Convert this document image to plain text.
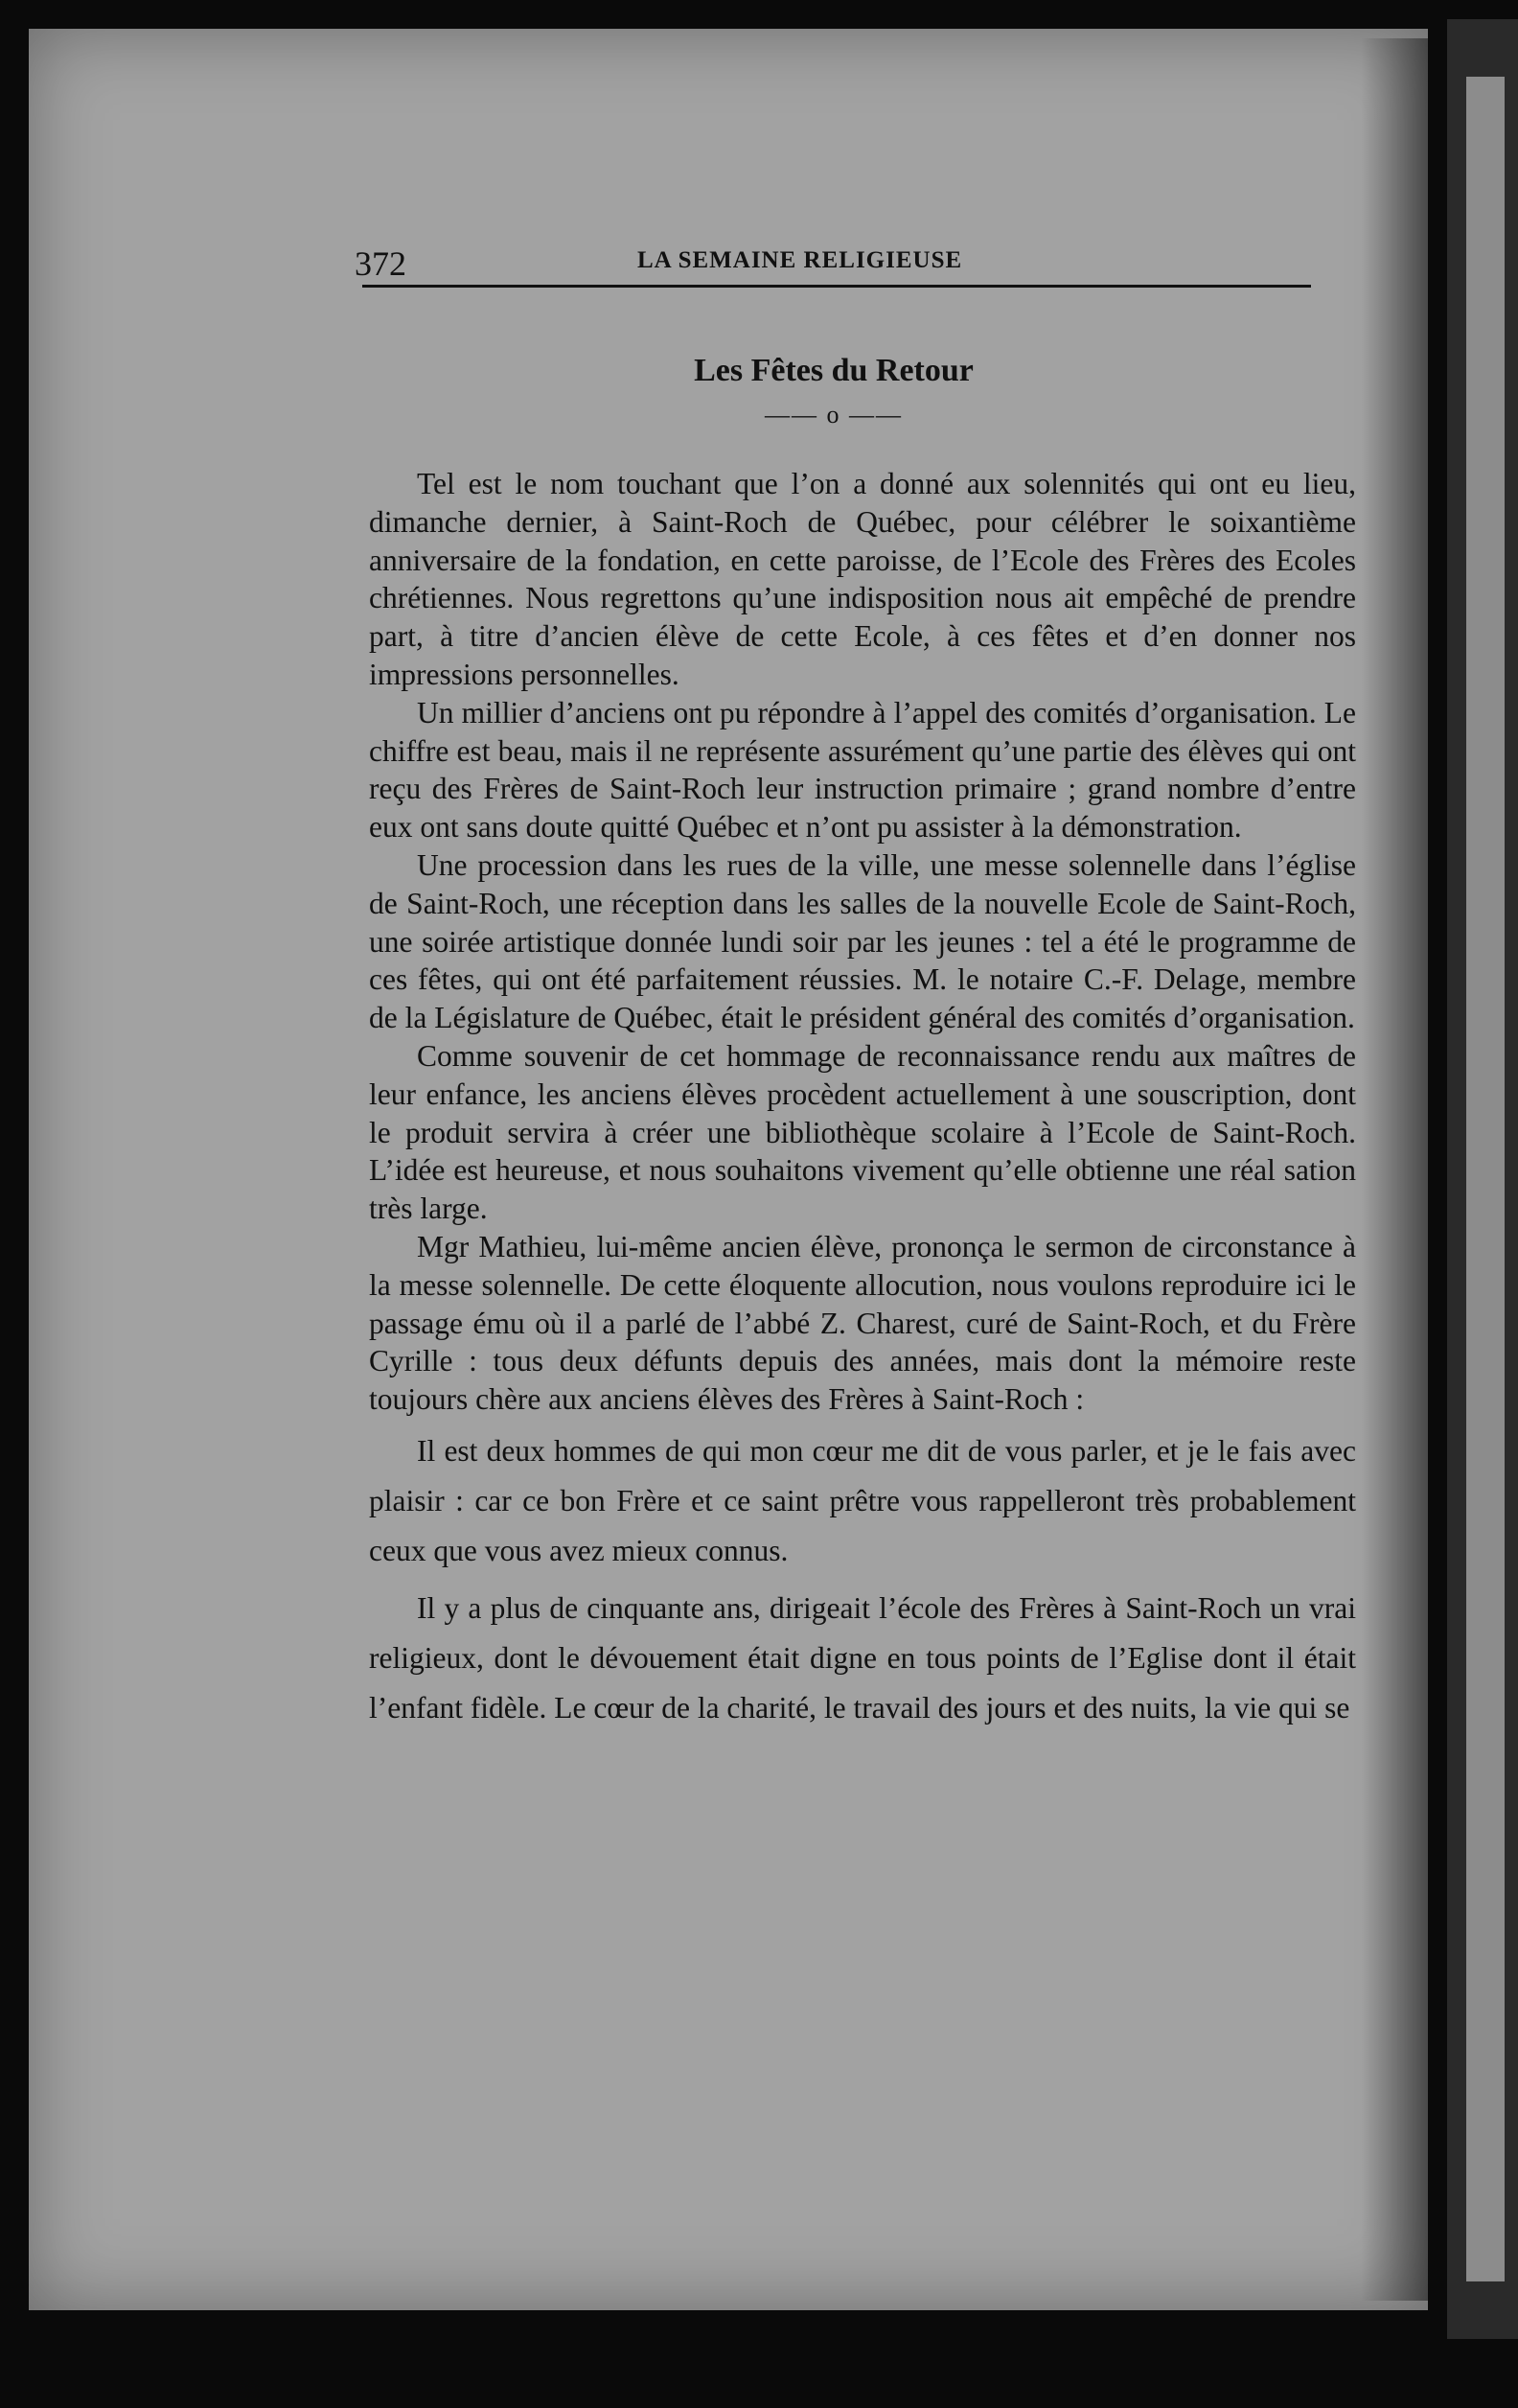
372	LA SEMAINE RELIGIEUSE
Les Fêtes du Retour
—— o ——

Tel est le nom touchant que l’on a donné aux solennités qui ont eu lieu, dimanche dernier, à Saint-Roch de Québec, pour célébrer le soixantième anniversaire de la fondation, en cette paroisse, de l’Ecole des Frères des Ecoles chrétiennes. Nous regrettons qu’une indisposition nous ait empêché de prendre part, à titre d’ancien élève de cette Ecole, à ces fêtes et d’en donner nos impressions personnelles.

Un millier d’anciens ont pu répondre à l’appel des comités d’organisation. Le chiffre est beau, mais il ne représente assurément qu’une partie des élèves qui ont reçu des Frères de Saint-Roch leur instruction primaire ; grand nombre d’entre eux ont sans doute quitté Québec et n’ont pu assister à la démonstration.

Une procession dans les rues de la ville, une messe solennelle dans l’église de Saint-Roch, une réception dans les salles de la nouvelle Ecole de Saint-Roch, une soirée artistique donnée lundi soir par les jeunes : tel a été le programme de ces fêtes, qui ont été parfaitement réussies. M. le notaire C.-F. Delage, membre de la Législature de Québec, était le président général des comités d’organisation.

Comme souvenir de cet hommage de reconnaissance rendu aux maîtres de leur enfance, les anciens élèves procèdent actuellement à une souscription, dont le produit servira à créer une bibliothèque scolaire à l’Ecole de Saint-Roch. L’idée est heureuse, et nous souhaitons vivement qu’elle obtienne une réal sation très large.

Mgr Mathieu, lui-même ancien élève, prononça le sermon de circonstance à la messe solennelle. De cette éloquente allocution, nous voulons reproduire ici le passage ému où il a parlé de l’abbé Z. Charest, curé de Saint-Roch, et du Frère Cyrille : tous deux défunts depuis des années, mais dont la mémoire reste toujours chère aux anciens élèves des Frères à Saint-Roch :

Il est deux hommes de qui mon cœur me dit de vous parler, et je le fais avec plaisir : car ce bon Frère et ce saint prêtre vous rappelleront très probablement ceux que vous avez mieux connus.

Il y a plus de cinquante ans, dirigeait l’école des Frères à Saint-Roch un vrai religieux, dont le dévouement était digne en tous points de l’Eglise dont il était l’enfant fidèle. Le cœur de la charité, le travail des jours et des nuits, la vie qui se
